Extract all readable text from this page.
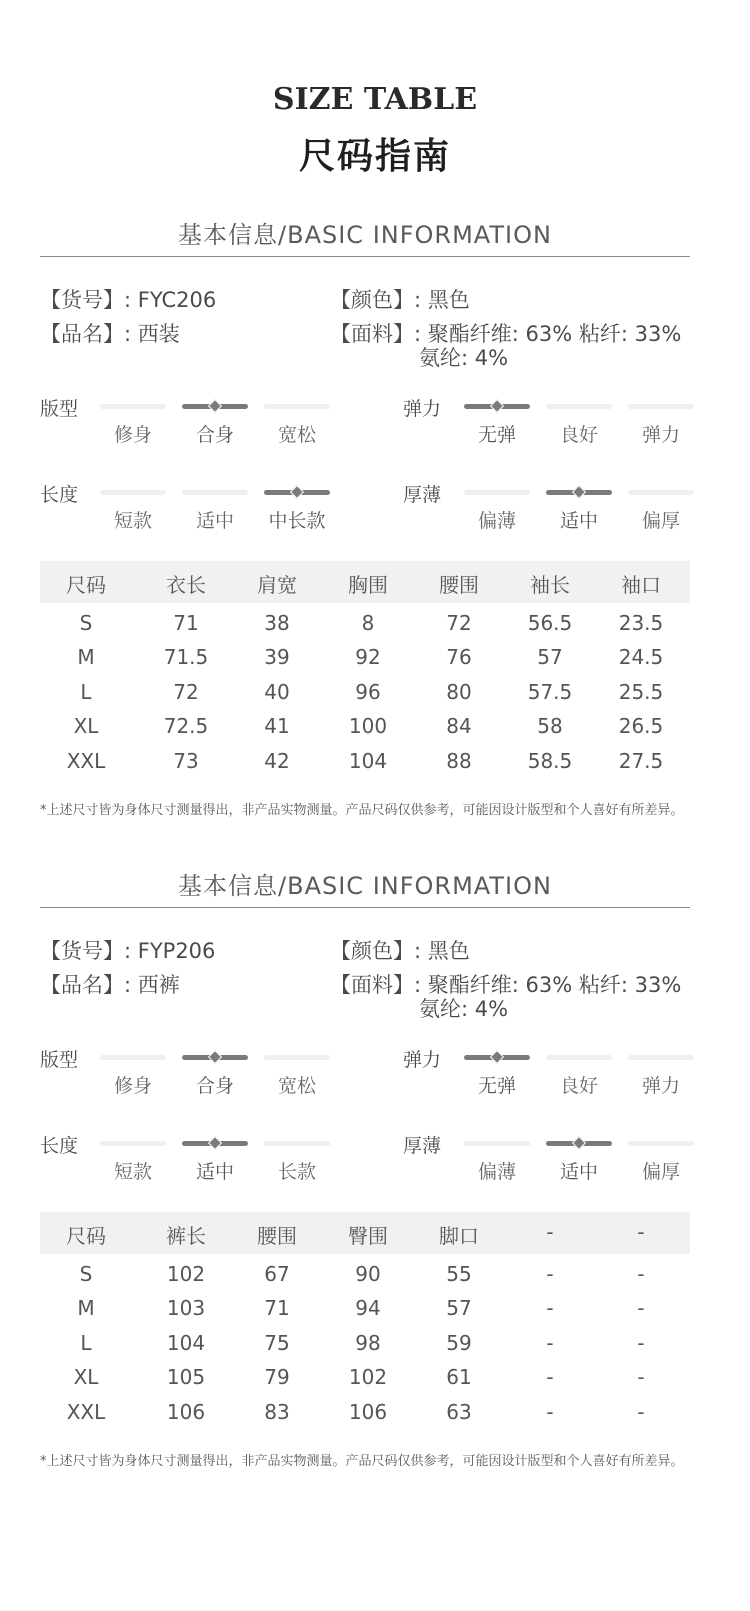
SIZE TABLE
尺码指南
基本信息/BASIC INFORMATION
【货号】: FYC206
【品名】: 西装
【颜色】: 黑色
【面料】: 聚酯纤维: 63% 粘纤: 33%
氨纶: 4%
版型
修身	合身	宽松
弹力
无弹	良好	弹力
长度
短款	适中	中长款
厚薄
偏薄	适中	偏厚
尺码	衣长	肩宽	胸围	腰围	袖长	袖口
S	71	38	8	72	56.5	23.5
M	71.5	39	92	76	57	24.5
L	72	40	96	80	57.5	25.5
XL	72.5	41	100	84	58	26.5
XXL	73	42	104	88	58.5	27.5
*上述尺寸皆为身体尺寸测量得出，非产品实物测量。产品尺码仅供参考，可能因设计版型和个人喜好有所差异。
基本信息/BASIC INFORMATION
【货号】: FYP206
【品名】: 西裤
【颜色】: 黑色
【面料】: 聚酯纤维: 63% 粘纤: 33%
氨纶: 4%
版型
修身	合身	宽松
弹力
无弹	良好	弹力
长度
短款	适中	长款
厚薄
偏薄	适中	偏厚
尺码	裤长	腰围	臀围	脚口	-	-
S	102	67	90	55	-	-
M	103	71	94	57	-	-
L	104	75	98	59	-	-
XL	105	79	102	61	-	-
XXL	106	83	106	63	-	-
*上述尺寸皆为身体尺寸测量得出，非产品实物测量。产品尺码仅供参考，可能因设计版型和个人喜好有所差异。
